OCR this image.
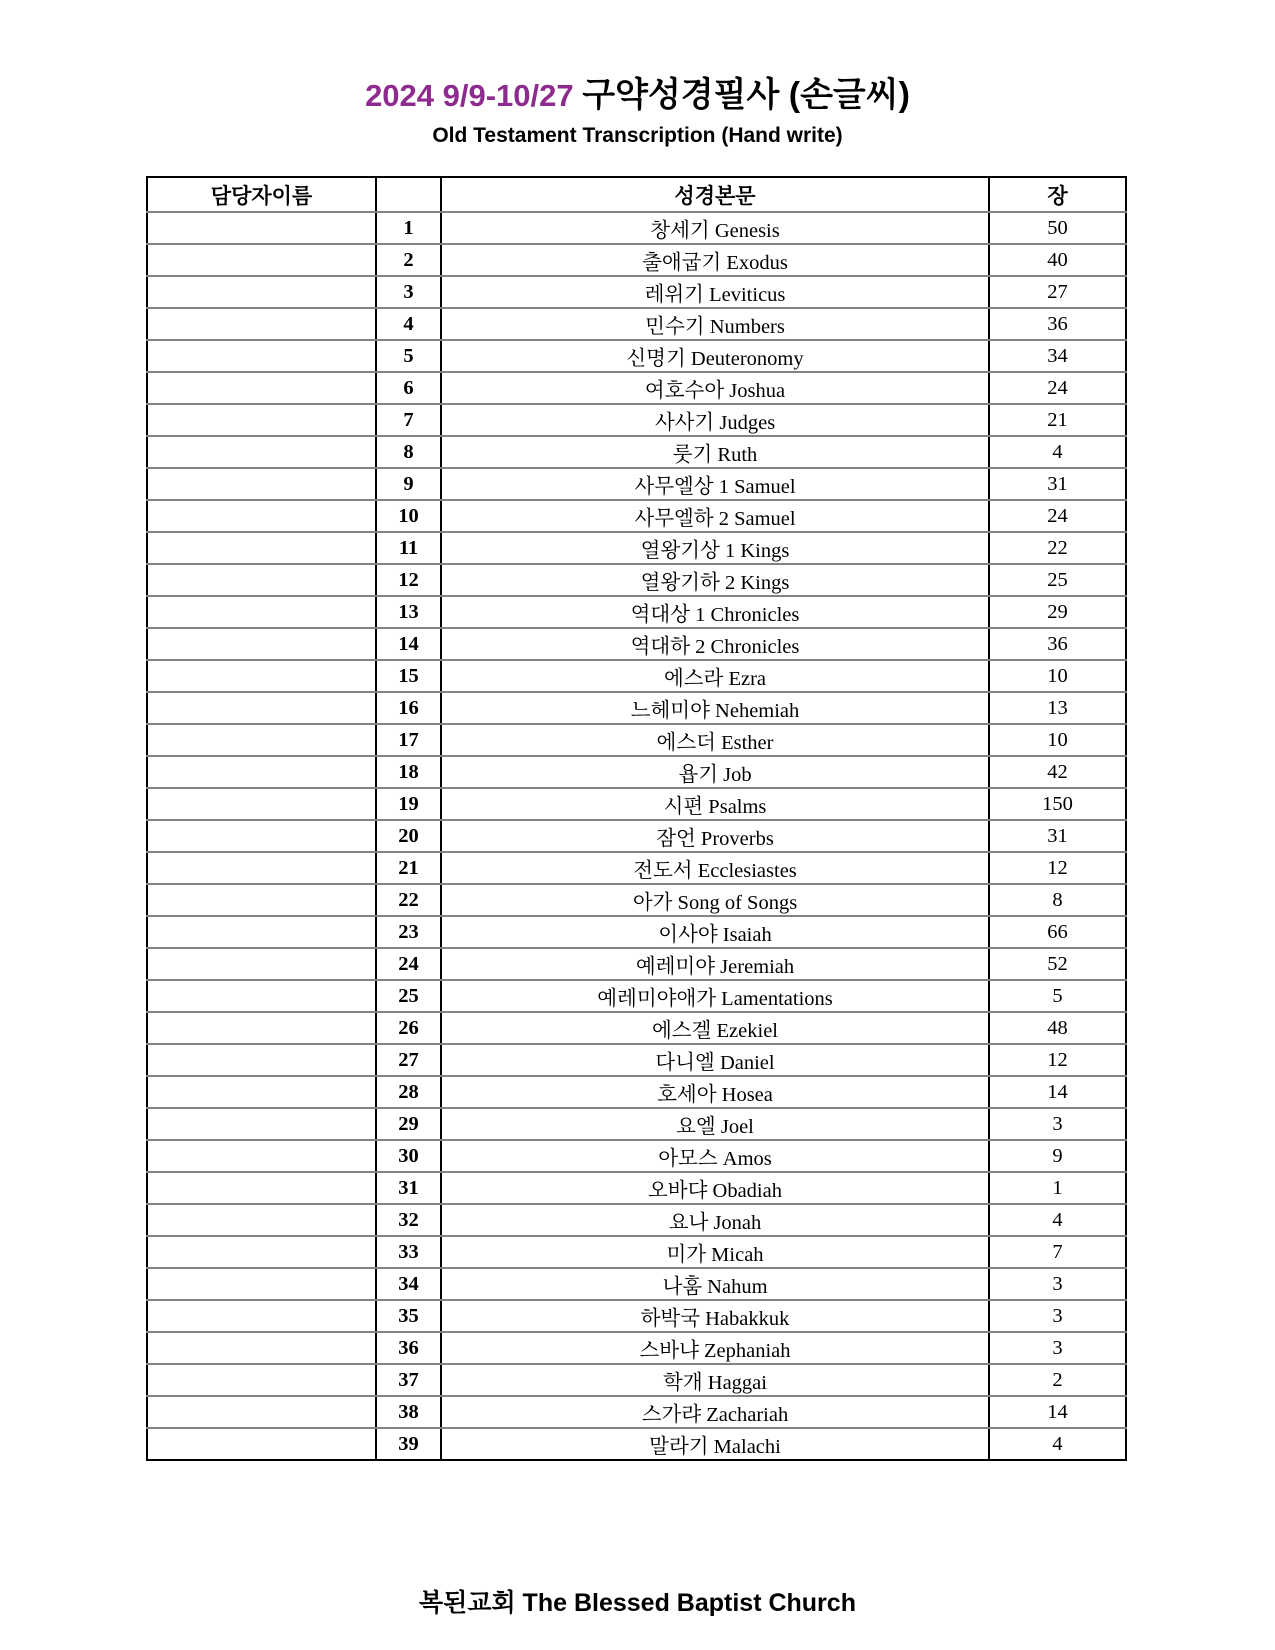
2024 9/9-10/27 구약성경필사 (손글씨)
Old Testament Transcription (Hand write)
담당자이름		성경본문	장
	1	창세기 Genesis	50
	2	출애굽기 Exodus	40
	3	레위기 Leviticus	27
	4	민수기 Numbers	36
	5	신명기 Deuteronomy	34
	6	여호수아 Joshua	24
	7	사사기 Judges	21
	8	룻기 Ruth	4
	9	사무엘상 1 Samuel	31
	10	사무엘하 2 Samuel	24
	11	열왕기상 1 Kings	22
	12	열왕기하 2 Kings	25
	13	역대상 1 Chronicles	29
	14	역대하 2 Chronicles	36
	15	에스라 Ezra	10
	16	느헤미야 Nehemiah	13
	17	에스더 Esther	10
	18	욥기 Job	42
	19	시편 Psalms	150
	20	잠언 Proverbs	31
	21	전도서 Ecclesiastes	12
	22	아가 Song of Songs	8
	23	이사야 Isaiah	66
	24	예레미야 Jeremiah	52
	25	예레미야애가 Lamentations	5
	26	에스겔 Ezekiel	48
	27	다니엘 Daniel	12
	28	호세아 Hosea	14
	29	요엘 Joel	3
	30	아모스 Amos	9
	31	오바댜 Obadiah	1
	32	요나 Jonah	4
	33	미가 Micah	7
	34	나훔 Nahum	3
	35	하박국 Habakkuk	3
	36	스바냐 Zephaniah	3
	37	학개 Haggai	2
	38	스가랴 Zachariah	14
	39	말라기 Malachi	4
복된교회 The Blessed Baptist Church
